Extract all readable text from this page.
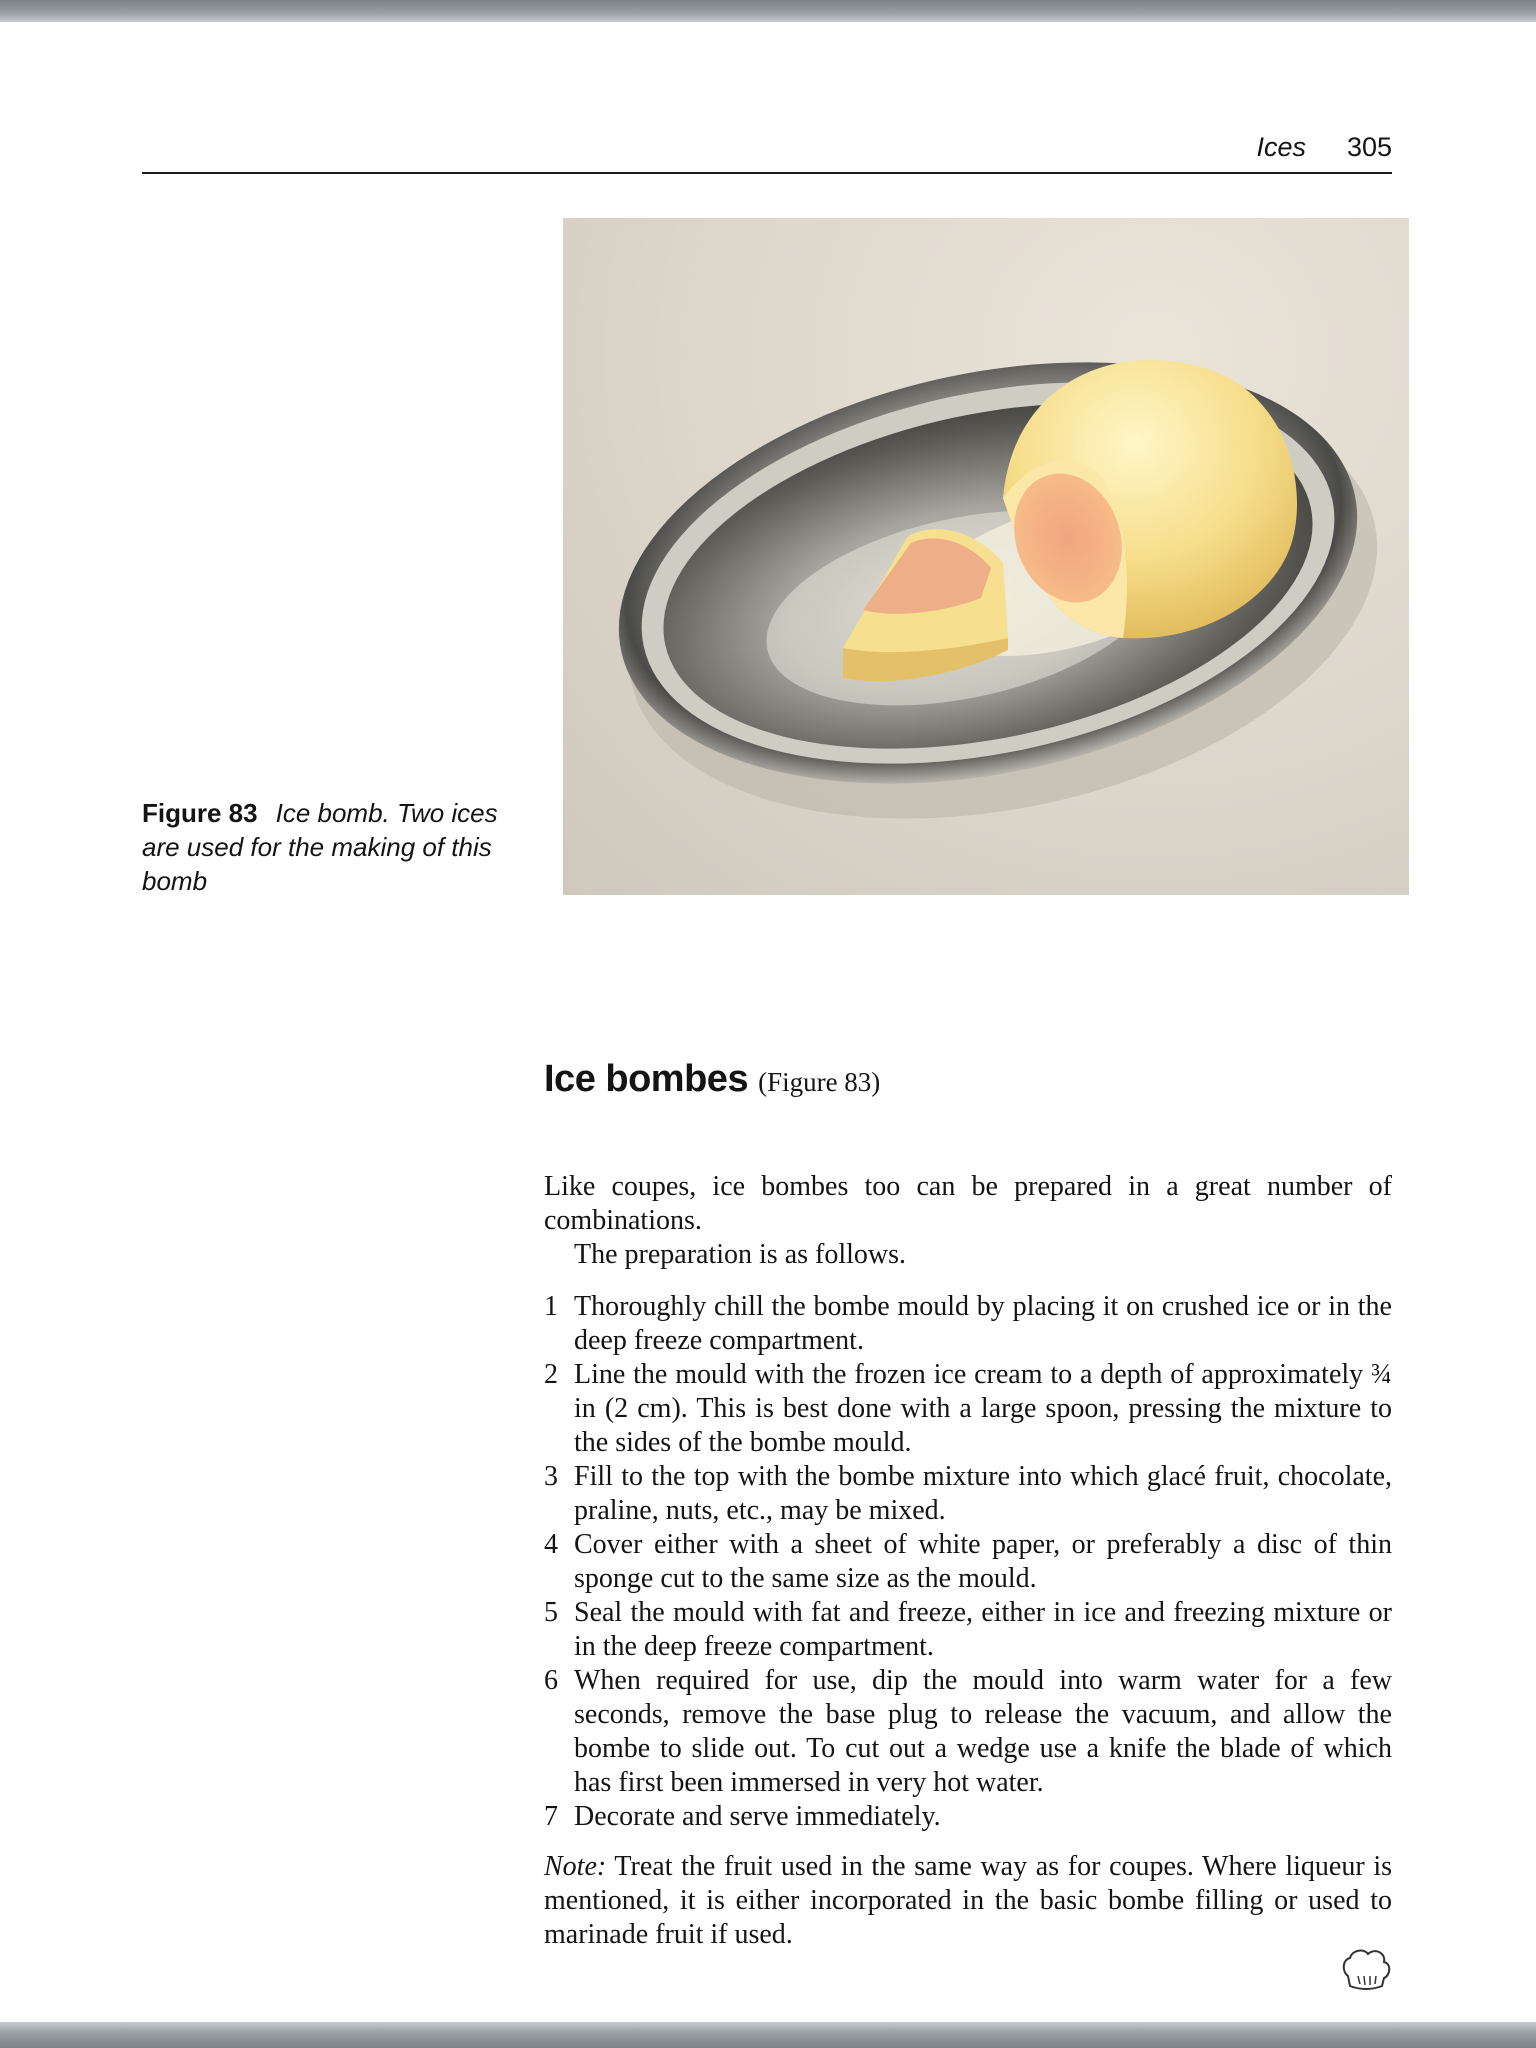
Ices 305
Figure 83 Ice bomb. Two ices are used for the making of this bomb
Ice bombes (Figure 83)

Like coupes, ice bombes too can be prepared in a great number of combinations.

The preparation is as follows.

1 Thoroughly chill the bombe mould by placing it on crushed ice or in the deep freeze compartment.
2 Line the mould with the frozen ice cream to a depth of approximately ¾ in (2 cm). This is best done with a large spoon, pressing the mixture to the sides of the bombe mould.
3 Fill to the top with the bombe mixture into which glacé fruit, chocolate, praline, nuts, etc., may be mixed.
4 Cover either with a sheet of white paper, or preferably a disc of thin sponge cut to the same size as the mould.
5 Seal the mould with fat and freeze, either in ice and freezing mixture or in the deep freeze compartment.
6 When required for use, dip the mould into warm water for a few seconds, remove the base plug to release the vacuum, and allow the bombe to slide out. To cut out a wedge use a knife the blade of which has first been immersed in very hot water.
7 Decorate and serve immediately.

Note: Treat the fruit used in the same way as for coupes. Where liqueur is mentioned, it is either incorporated in the basic bombe filling or used to marinade fruit if used.
